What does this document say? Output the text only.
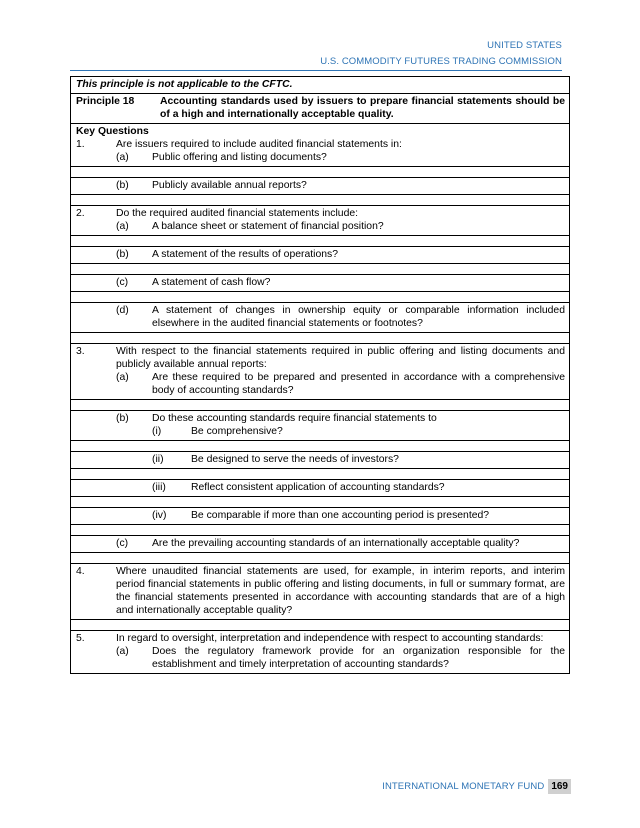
UNITED STATES
U.S. COMMODITY FUTURES TRADING COMMISSION
This principle is not applicable to the CFTC.

Principle 18	Accounting standards used by issuers to prepare financial statements should be of a high and internationally acceptable quality.

Key Questions
1.	Are issuers required to include audited financial statements in:
(a)	Public offering and listing documents?

(b)	Publicly available annual reports?

2.	Do the required audited financial statements include:
(a)	A balance sheet or statement of financial position?

(b)	A statement of the results of operations?

(c)	A statement of cash flow?

(d)	A statement of changes in ownership equity or comparable information included elsewhere in the audited financial statements or footnotes?

3.	With respect to the financial statements required in public offering and listing documents and publicly available annual reports:
(a)	Are these required to be prepared and presented in accordance with a comprehensive body of accounting standards?

(b)	Do these accounting standards require financial statements to
(i)	Be comprehensive?

(ii)	Be designed to serve the needs of investors?

(iii)	Reflect consistent application of accounting standards?

(iv)	Be comparable if more than one accounting period is presented?

(c)	Are the prevailing accounting standards of an internationally acceptable quality?

4.	Where unaudited financial statements are used, for example, in interim reports, and interim period financial statements in public offering and listing documents, in full or summary format, are the financial statements presented in accordance with accounting standards that are of a high and internationally acceptable quality?

5.	In regard to oversight, interpretation and independence with respect to accounting standards:
(a)	Does the regulatory framework provide for an organization responsible for the establishment and timely interpretation of accounting standards?
INTERNATIONAL MONETARY FUND 169
